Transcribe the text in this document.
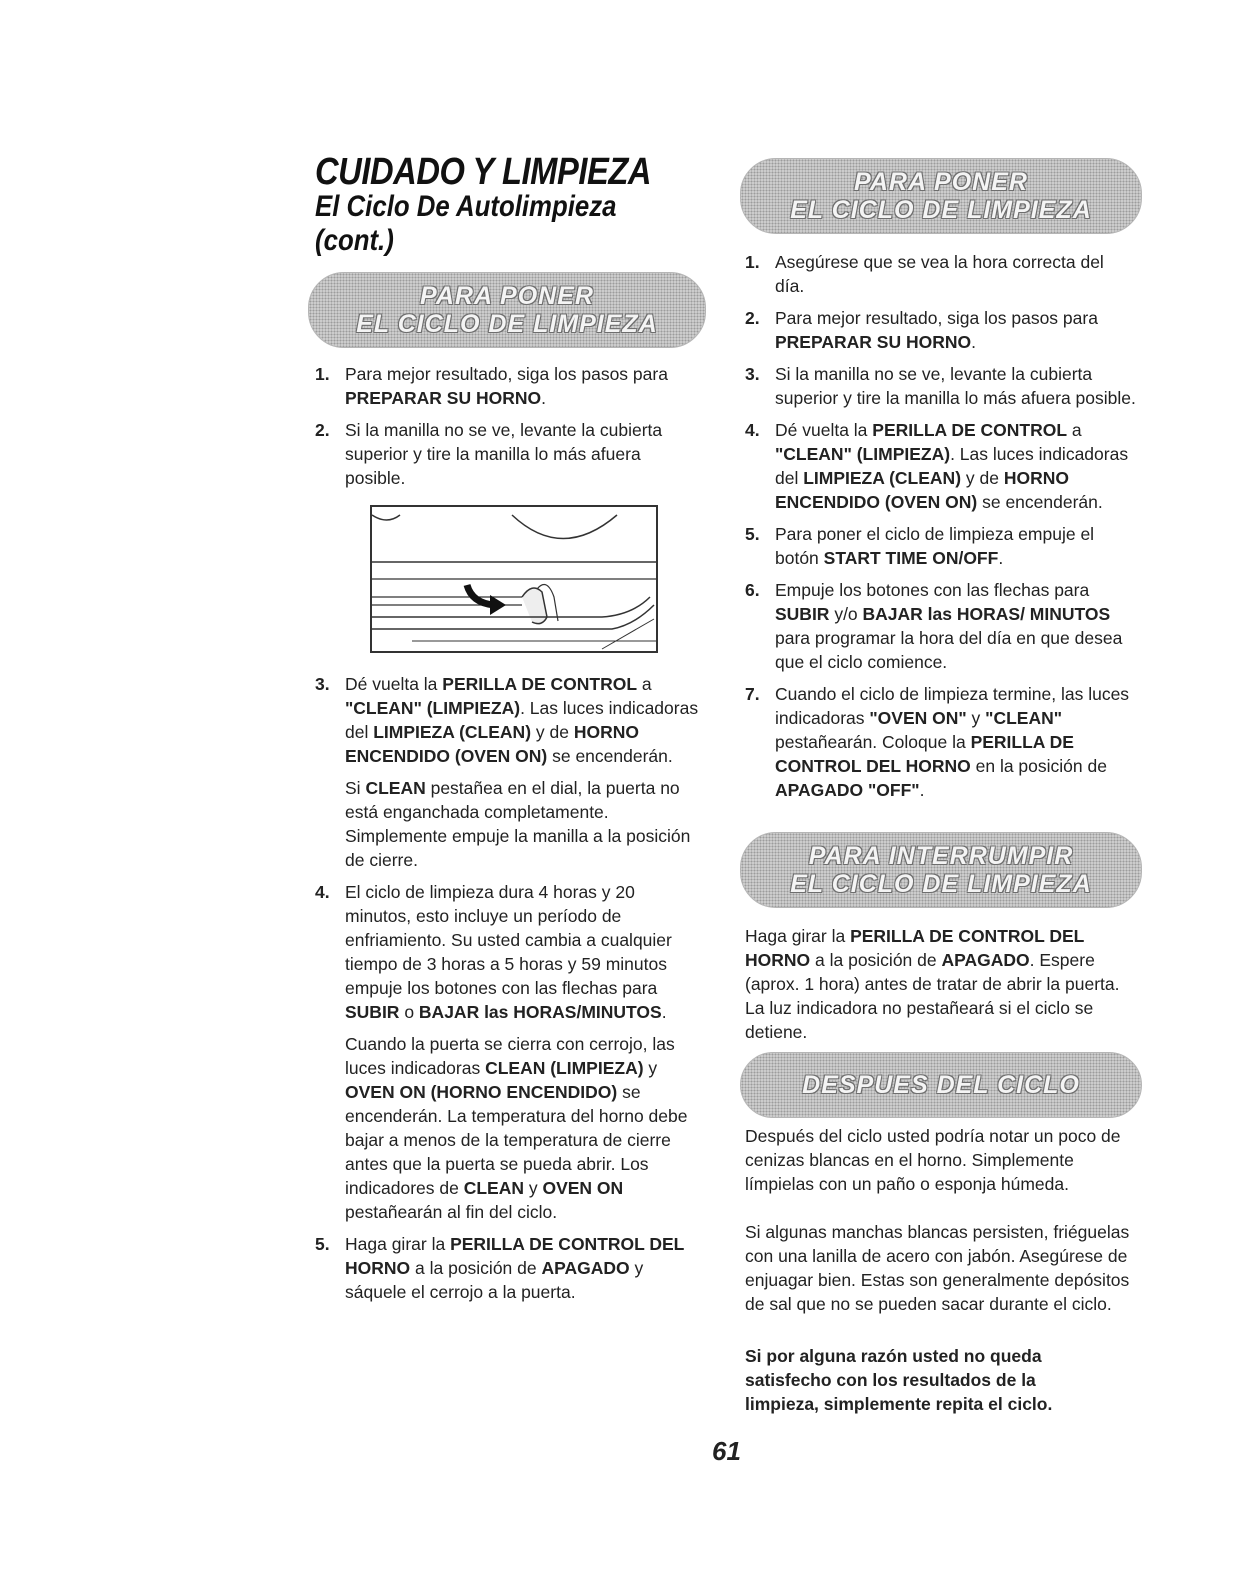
CUIDADO Y LIMPIEZA
El Ciclo De Autolimpieza (cont.)
PARA PONER
EL CICLO DE LIMPIEZA
1. Para mejor resultado, siga los pasos para PREPARAR SU HORNO.

2. Si la manilla no se ve, levante la cubierta superior y tire la manilla lo más afuera posible.

3. Dé vuelta la PERILLA DE CONTROL a "CLEAN" (LIMPIEZA). Las luces indicadoras del LIMPIEZA (CLEAN) y de HORNO ENCENDIDO (OVEN ON) se encenderán.

Si CLEAN pestañea en el dial, la puerta no está enganchada completamente. Simplemente empuje la manilla a la posición de cierre.

4. El ciclo de limpieza dura 4 horas y 20 minutos, esto incluye un período de enfriamiento. Su usted cambia a cualquier tiempo de 3 horas a 5 horas y 59 minutos empuje los botones con las flechas para SUBIR o BAJAR las HORAS/MINUTOS.

Cuando la puerta se cierra con cerrojo, las luces indicadoras CLEAN (LIMPIEZA) y OVEN ON (HORNO ENCENDIDO) se encenderán. La temperatura del horno debe bajar a menos de la temperatura de cierre antes que la puerta se pueda abrir. Los indicadores de CLEAN y OVEN ON pestañearán al fin del ciclo.

5. Haga girar la PERILLA DE CONTROL DEL HORNO a la posición de APAGADO y sáquele el cerrojo a la puerta.

PARA PONER
EL CICLO DE LIMPIEZA
1. Asegúrese que se vea la hora correcta del día.

2. Para mejor resultado, siga los pasos para PREPARAR SU HORNO.

3. Si la manilla no se ve, levante la cubierta superior y tire la manilla lo más afuera posible.

4. Dé vuelta la PERILLA DE CONTROL a "CLEAN" (LIMPIEZA). Las luces indicadoras del LIMPIEZA (CLEAN) y de HORNO ENCENDIDO (OVEN ON) se encenderán.

5. Para poner el ciclo de limpieza empuje el botón START TIME ON/OFF.

6. Empuje los botones con las flechas para SUBIR y/o BAJAR las HORAS/ MINUTOS para programar la hora del día en que desea que el ciclo comience.

7. Cuando el ciclo de limpieza termine, las luces indicadoras "OVEN ON" y "CLEAN" pestañearán. Coloque la PERILLA DE CONTROL DEL HORNO en la posición de APAGADO "OFF".

PARA INTERRUMPIR
EL CICLO DE LIMPIEZA

Haga girar la PERILLA DE CONTROL DEL HORNO a la posición de APAGADO. Espere (aprox. 1 hora) antes de tratar de abrir la puerta. La luz indicadora no pestañeará si el ciclo se detiene.

DESPUES DEL CICLO

Después del ciclo usted podría notar un poco de cenizas blancas en el horno. Simplemente límpielas con un paño o esponja húmeda.

Si algunas manchas blancas persisten, friéguelas con una lanilla de acero con jabón. Asegúrese de enjuagar bien. Estas son generalmente depósitos de sal que no se pueden sacar durante el ciclo.

Si por alguna razón usted no queda satisfecho con los resultados de la limpieza, simplemente repita el ciclo.

61
